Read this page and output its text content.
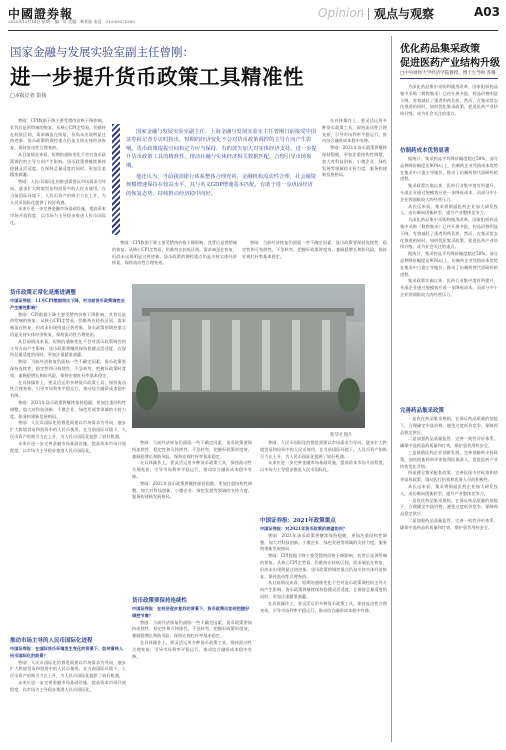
中國證券報
2020年12月14日 星期一 编：叶 美编：韩景丽 电话：010-63070309
Opinion 观点与观察	A03
国家金融与发展实验室副主任曾刚：
进一步提升货币政策工具精准性
□本报记者 彭扬

国家金融与发展实验室副主任、上海金融与发展实验室主任曾刚日前接受中国证券报记者专访时指出，短期的经济变化不会对货币政策调控的主导方向产生影响。货币政策提振空间和定力应当保持，有的放矢加大对实体经济支持，进一步提升货币政策工具的精准性，推动社融与实体经济相关数据匹配，合理引导市场预期。

他还认为，当前我国银行体系整体合理充裕，金融机构流动性合理，社会融资规模增速保持在较高水平，其与名义GDP增速基本匹配，有助于进一步巩固经济的恢复态势，持续推动经济稳中向好。

曾刚：CPI数据下降主要受猪肉价格下降影响，其背后是供给端的恢复。从核心CPI走势看，仍维持在较低区间，需求端虽在恢复，但尚未出现明显过热迹象。货币政策的调控重点仍是支持实体经济恢复，保持流动性合理充裕。

从目前情况来看，短期的通胀变化不会对货币政策调控的主导方向产生影响。货币政策将继续保持稳健灵活适度，在保持总量适度的同时，更加注重精准滴灌。

曾刚：人民币国际化的推进需要以市场需求为导向，逐步扩大跨境贸易和投资中的人民币使用。在当前国际环境下，人民币资产的吸引力在上升，为人民币国际化提供了较好机遇。

未来应进一步完善金融市场基础设施，提高资本市场开放程度，以市场为主导稳步推进人民币国际化。

货币政策正常化是渐进调整
中国证券报：11月CPI数据同比下降，对当前货币政策调控会产生哪些影响？

曾刚：CPI数据下降主要受猪肉价格下降影响，其背后是供给端的恢复。从核心CPI走势看，仍维持在较低区间，需求端虽在恢复，但尚未出现明显过热迹象。货币政策的调控重点仍是支持实体经济恢复，保持流动性合理充裕。

从目前情况来看，短期的通胀变化不会对货币政策调控的主导方向产生影响。货币政策将继续保持稳健灵活适度，在保持总量适度的同时，更加注重精准滴灌。

曾刚：当前经济恢复仍面临一些不确定因素，货币政策要保持连续性、稳定性和可持续性，不急转弯，把握好政策时度效，兼顾稳增长和防风险，保持宏观杠杆率基本稳定。

在具体操作上，要灵活运用多种货币政策工具，保持流动性合理充裕，引导市场利率平稳运行，推动综合融资成本稳中有降。

曾刚：2021年货币政策将继续保持稳健，更加注重结构性调整，加大对科技创新、小微企业、绿色发展等领域的支持力度，服务构建新发展格局。

曾刚：人民币国际化的推进需要以市场需求为导向，逐步扩大跨境贸易和投资中的人民币使用。在当前国际环境下，人民币资产的吸引力在上升，为人民币国际化提供了较好机遇。

未来应进一步完善金融市场基础设施，提高资本市场开放程度，以市场为主导稳步推进人民币国际化。

推动市场主导的人民币国际化进程
中国证券报：在国际货币环境发生变化的背景下，如何看待人民币国际化的前景？

曾刚：人民币国际化的推进需要以市场需求为导向，逐步扩大跨境贸易和投资中的人民币使用。在当前国际环境下，人民币资产的吸引力在上升，为人民币国际化提供了较好机遇。

未来应进一步完善金融市场基础设施，提高资本市场开放程度，以市场为主导稳步推进人民币国际化。

曾刚：CPI数据下降主要受猪肉价格下降影响，其背后是供给端的恢复。从核心CPI走势看，仍维持在较低区间，需求端虽在恢复，但尚未出现明显过热迹象。货币政策的调控重点仍是支持实体经济恢复，保持流动性合理充裕。

曾刚：当前经济恢复仍面临一些不确定因素，货币政策要保持连续性、稳定性和可持续性，不急转弯，把握好政策时度效，兼顾稳增长和防风险，保持宏观杠杆率基本稳定。

在具体操作上，要灵活运用多种货币政策工具，保持流动性合理充裕，引导市场利率平稳运行，推动综合融资成本稳中有降。

曾刚：2021年货币政策将继续保持稳健，更加注重结构性调整，加大对科技创新、小微企业、绿色发展等领域的支持力度，服务构建新发展格局。

新华社图片

曾刚：当前经济恢复仍面临一些不确定因素，货币政策要保持连续性、稳定性和可持续性，不急转弯，把握好政策时度效，兼顾稳增长和防风险，保持宏观杠杆率基本稳定。

在具体操作上，要灵活运用多种货币政策工具，保持流动性合理充裕，引导市场利率平稳运行，推动综合融资成本稳中有降。

曾刚：2021年货币政策将继续保持稳健，更加注重结构性调整，加大对科技创新、小微企业、绿色发展等领域的支持力度，服务构建新发展格局。

货币政策要保持连续性
中国证券报：在经济逐步复苏的背景下，货币政策应如何把握好调控节奏？

曾刚：当前经济恢复仍面临一些不确定因素，货币政策要保持连续性、稳定性和可持续性，不急转弯，把握好政策时度效，兼顾稳增长和防风险，保持宏观杠杆率基本稳定。

在具体操作上，要灵活运用多种货币政策工具，保持流动性合理充裕，引导市场利率平稳运行，推动综合融资成本稳中有降。

曾刚：人民币国际化的推进需要以市场需求为导向，逐步扩大跨境贸易和投资中的人民币使用。在当前国际环境下，人民币资产的吸引力在上升，为人民币国际化提供了较好机遇。

未来应进一步完善金融市场基础设施，提高资本市场开放程度，以市场为主导稳步推进人民币国际化。

中国证券报：2021年政策重点
中国证券报：对2021年货币政策的展望如何？

曾刚：2021年货币政策将继续保持稳健，更加注重结构性调整，加大对科技创新、小微企业、绿色发展等领域的支持力度，服务构建新发展格局。

曾刚：CPI数据下降主要受猪肉价格下降影响，其背后是供给端的恢复。从核心CPI走势看，仍维持在较低区间，需求端虽在恢复，但尚未出现明显过热迹象。货币政策的调控重点仍是支持实体经济恢复，保持流动性合理充裕。

从目前情况来看，短期的通胀变化不会对货币政策调控的主导方向产生影响。货币政策将继续保持稳健灵活适度，在保持总量适度的同时，更加注重精准滴灌。

在具体操作上，要灵活运用多种货币政策工具，保持流动性合理充裕，引导市场利率平稳运行，推动综合融资成本稳中有降。

优化药品集采政策
促进医药产业结构升级
□中央财经大学经济学院教授、博士生导师 苏珊

为深化药品集中采购和使用改革，国家组织药品集中采购（简称集采）已经开展多批，药品价格明显下降，有效减轻了患者用药负担。然而，在集采常态化推进的同时，如何优化集采政策，促进医药产业结构升级，成为社会关注的重点。

仿制药成本优势显著

据统计，集采药品平均降价幅度超过50%，部分品种降价幅度达90%以上。仿制药企业凭借成本优势在集采中占据主导地位，推动了仿制药替代原研药的进程。

集采政策实施以来，医药行业集中度有所提升，头部企业通过规模效应进一步降低成本，而部分中小企业则面临较大的经营压力。

从长远来看，集采将倒逼医药企业加大研发投入，由仿制向创新转型，提升产业整体竞争力。

为深化药品集中采购和使用改革，国家组织药品集中采购（简称集采）已经开展多批，药品价格明显下降，有效减轻了患者用药负担。然而，在集采常态化推进的同时，如何优化集采政策，促进医药产业结构升级，成为社会关注的重点。

据统计，集采药品平均降价幅度超过50%，部分品种降价幅度达90%以上。仿制药企业凭借成本优势在集采中占据主导地位，推动了仿制药替代原研药的进程。

集采政策实施以来，医药行业集中度有所提升，头部企业通过规模效应进一步降低成本，而部分中小企业则面临较大的经营压力。

完善药品集采政策

一是优化药品集采规则，在保证药品质量的前提下，合理确定中选价格，避免过度低价竞争，保障药品稳定供应。

二是加强药品质量监管，完善一致性评价体系，确保中选药品的质量和疗效，维护患者用药安全。

三是鼓励医药企业创新发展，完善创新药支持政策，加快创新药审评审批和医保准入，促进医药产业结构优化升级。

四是健全集采配套政策，完善医保支付标准和结余留用政策，调动医疗机构和医务人员的积极性。

从长远来看，集采将倒逼医药企业加大研发投入，由仿制向创新转型，提升产业整体竞争力。

一是优化药品集采规则，在保证药品质量的前提下，合理确定中选价格，避免过度低价竞争，保障药品稳定供应。

二是加强药品质量监管，完善一致性评价体系，确保中选药品的质量和疗效，维护患者用药安全。
